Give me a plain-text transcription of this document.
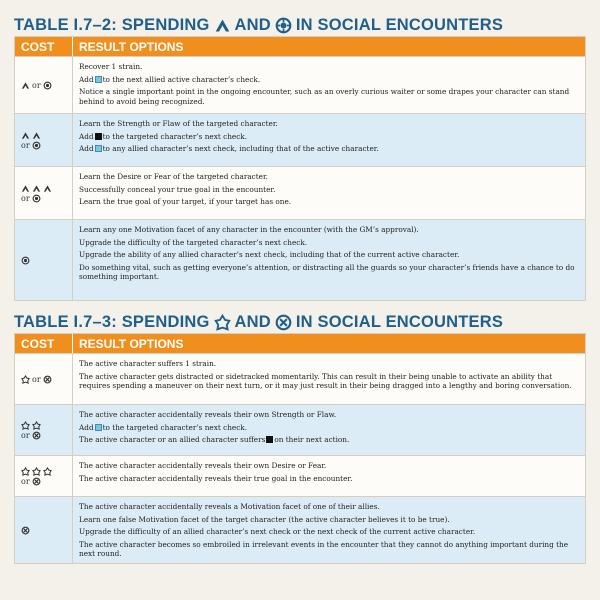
TABLE I.7–2: SPENDING AND IN SOCIAL ENCOUNTERS
COST	RESULT OPTIONS
or
Recover 1 strain.
Add to the next allied active character’s check.
Notice a single important point in the ongoing encounter, such as an overly curious waiter or some drapes your character can stand behind to avoid being recognized.
or
Learn the Strength or Flaw of the targeted character.
Add to the targeted character’s next check.
Add to any allied character’s next check, including that of the active character.
or
Learn the Desire or Fear of the targeted character.
Successfully conceal your true goal in the encounter.
Learn the true goal of your target, if your target has one.
Learn any one Motivation facet of any character in the encounter (with the GM’s approval).
Upgrade the difficulty of the targeted character’s next check.
Upgrade the ability of any allied character’s next check, including that of the current active character.
Do something vital, such as getting everyone’s attention, or distracting all the guards so your character’s friends have a chance to do something important.
TABLE I.7–3: SPENDING AND IN SOCIAL ENCOUNTERS
COST	RESULT OPTIONS
or
The active character suffers 1 strain.
The active character gets distracted or sidetracked momentarily. This can result in their being unable to activate an ability that requires spending a maneuver on their next turn, or it may just result in their being dragged into a lengthy and boring conversation.
or
The active character accidentally reveals their own Strength or Flaw.
Add to the targeted character’s next check.
The active character or an allied character suffers on their next action.
or
The active character accidentally reveals their own Desire or Fear.
The active character accidentally reveals their true goal in the encounter.
The active character accidentally reveals a Motivation facet of one of their allies.
Learn one false Motivation facet of the target character (the active character believes it to be true).
Upgrade the difficulty of an allied character’s next check or the next check of the current active character.
The active character becomes so embroiled in irrelevant events in the encounter that they cannot do anything important during the next round.
